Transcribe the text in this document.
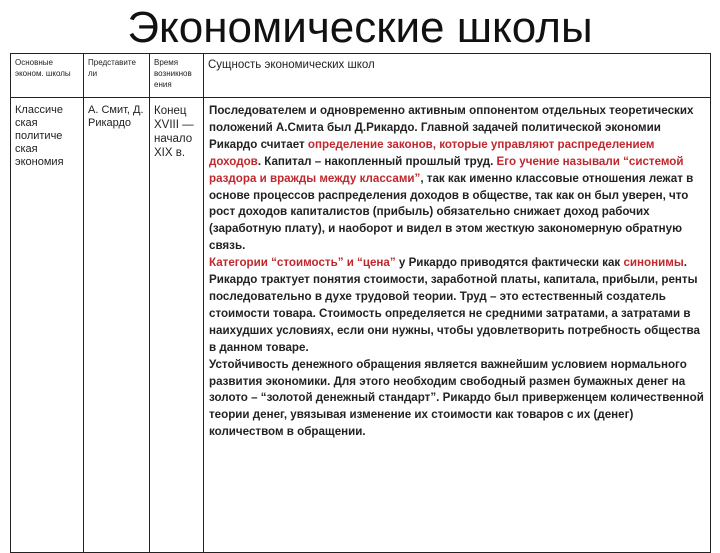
Экономические школы
Основные эконом. школы	Представите ли	Время возникнов ения	Сущность экономических школ
Классиче ская политиче ская экономия	А. Смит, Д. Рикардо	Конец XVIII — начало XIX в.	Последователем и одновременно активным оппонентом отдельных теоретических положений А.Смита был Д.Рикардо. Главной задачей политической экономии Рикардо считает определение законов, которые управляют распределением доходов. Капитал – накопленный прошлый труд. Его учение называли “системой раздора и вражды между классами”, так как именно классовые отношения лежат в основе процессов распределения доходов в обществе, так как он был уверен, что рост доходов капиталистов (прибыль) обязательно снижает доход рабочих (заработную плату), и наоборот и видел в этом жесткую закономерную обратную связь.

Категории “стоимость” и “цена” у Рикардо приводятся фактически как синонимы.

Рикардо трактует понятия стоимости, заработной платы, капитала, прибыли, ренты последовательно в духе трудовой теории. Труд – это естественный создатель стоимости товара. Стоимость определяется не средними затратами, а затратами в наихудших условиях, если они нужны, чтобы удовлетворить потребность общества в данном товаре.

Устойчивость денежного обращения является важнейшим условием нормального развития экономики. Для этого необходим свободный размен бумажных денег на золото – “золотой денежный стандарт”. Рикардо был приверженцем количественной теории денег, увязывая изменение их стоимости как товаров с их (денег) количеством в обращении.
